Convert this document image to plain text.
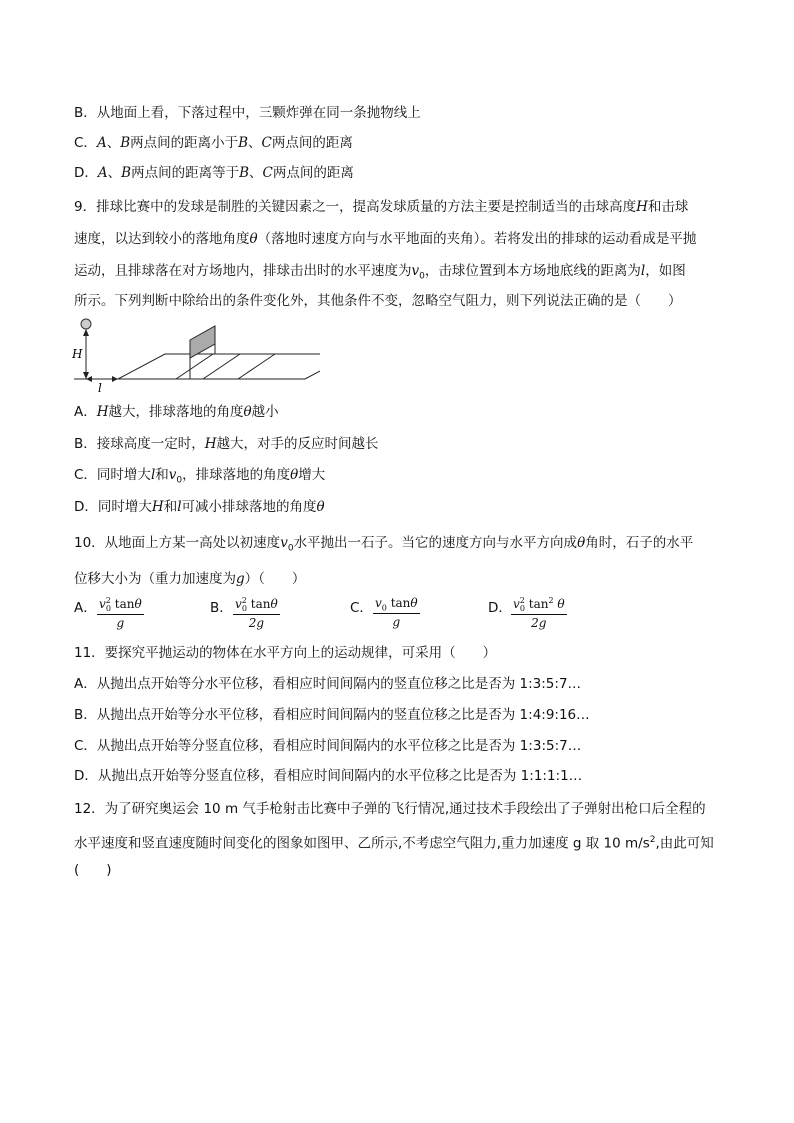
B．从地面上看，下落过程中，三颗炸弹在同一条抛物线上
C．A、B两点间的距离小于B、C两点间的距离
D．A、B两点间的距离等于B、C两点间的距离
9．排球比赛中的发球是制胜的关键因素之一，提高发球质量的方法主要是控制适当的击球高度H和击球
速度，以达到较小的落地角度θ（落地时速度方向与水平地面的夹角）。若将发出的排球的运动看成是平抛
运动，且排球落在对方场地内，排球击出时的水平速度为$v_0$，击球位置到本方场地底线的距离为l，如图
所示。下列判断中除给出的条件变化外，其他条件不变，忽略空气阻力，则下列说法正确的是（　　）
H
l
A．H越大，排球落地的角度θ越小
B．接球高度一定时，H越大，对手的反应时间越长
C．同时增大l和$v_0$，排球落地的角度θ增大
D．同时增大H和l可减小排球落地的角度θ
10．从地面上方某一高处以初速度$v_0$水平抛出一石子。当它的速度方向与水平方向成θ角时，石子的水平
位移大小为（重力加速度为g）（　　）
A． $v^2_0$ tanθ
g
B． $v^2_0$ tanθ
2g
C． $v_0$ tanθ
g
D． $v^2_0$ $\tan^2 \theta$
2g
11．要探究平抛运动的物体在水平方向上的运动规律，可采用（　　）
A．从抛出点开始等分水平位移，看相应时间间隔内的竖直位移之比是否为 1:3:5:7…
B．从抛出点开始等分水平位移，看相应时间间隔内的竖直位移之比是否为 1:4:9:16…
C．从抛出点开始等分竖直位移，看相应时间间隔内的水平位移之比是否为 1:3:5:7…
D．从抛出点开始等分竖直位移，看相应时间间隔内的水平位移之比是否为 1:1:1:1…
12．为了研究奥运会 10 m 气手枪射击比赛中子弹的飞行情况,通过技术手段绘出了子弹射出枪口后全程的
水平速度和竖直速度随时间变化的图象如图甲、乙所示,不考虑空气阻力,重力加速度 g 取 10 $m/s^2$,由此可知
(　　)
